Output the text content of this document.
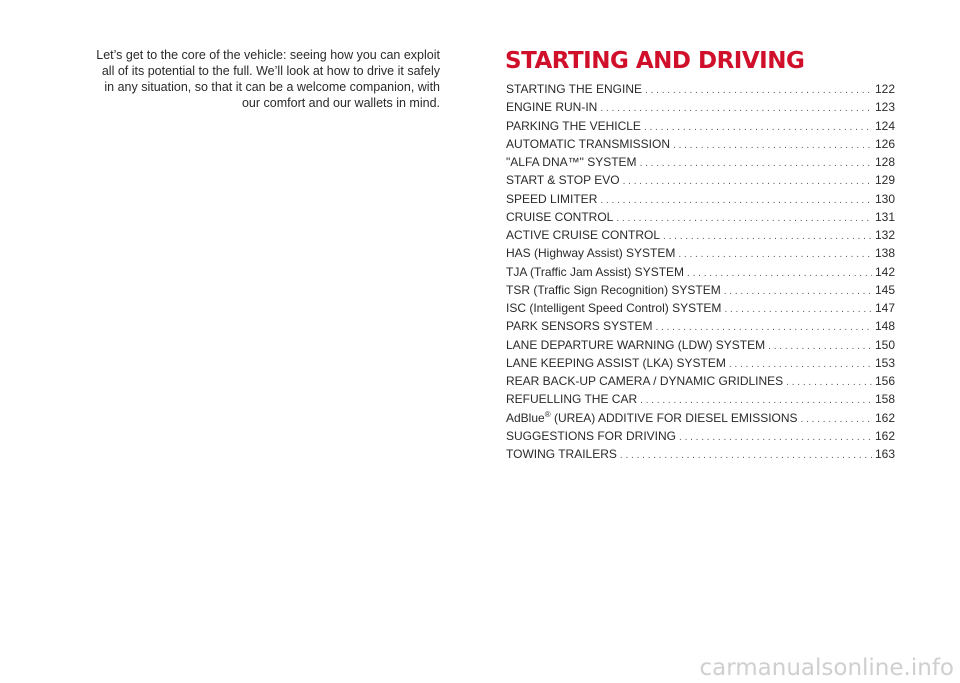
Let’s get to the core of the vehicle: seeing how you can exploit
all of its potential to the full. We’ll look at how to drive it safely
in any situation, so that it can be a welcome companion, with
our comfort and our wallets in mind.
STARTING AND DRIVING
STARTING THE ENGINE . . .	122
ENGINE RUN-IN . . .	123
PARKING THE VEHICLE . . .	124
AUTOMATIC TRANSMISSION . . .	126
"ALFA DNA™" SYSTEM . . .	128
START & STOP EVO . . .	129
SPEED LIMITER . . .	130
CRUISE CONTROL . . .	131
ACTIVE CRUISE CONTROL . . .	132
HAS (Highway Assist) SYSTEM . . .	138
TJA (Traffic Jam Assist) SYSTEM . . .	142
TSR (Traffic Sign Recognition) SYSTEM . . .	145
ISC (Intelligent Speed Control) SYSTEM . . .	147
PARK SENSORS SYSTEM . . .	148
LANE DEPARTURE WARNING (LDW) SYSTEM . . .	150
LANE KEEPING ASSIST (LKA) SYSTEM . . .	153
REAR BACK-UP CAMERA / DYNAMIC GRIDLINES . . .	156
REFUELLING THE CAR . . .	158
AdBlue® (UREA) ADDITIVE FOR DIESEL EMISSIONS . . .	162
SUGGESTIONS FOR DRIVING . . .	162
TOWING TRAILERS . . .	163
carmanualsonline.info
